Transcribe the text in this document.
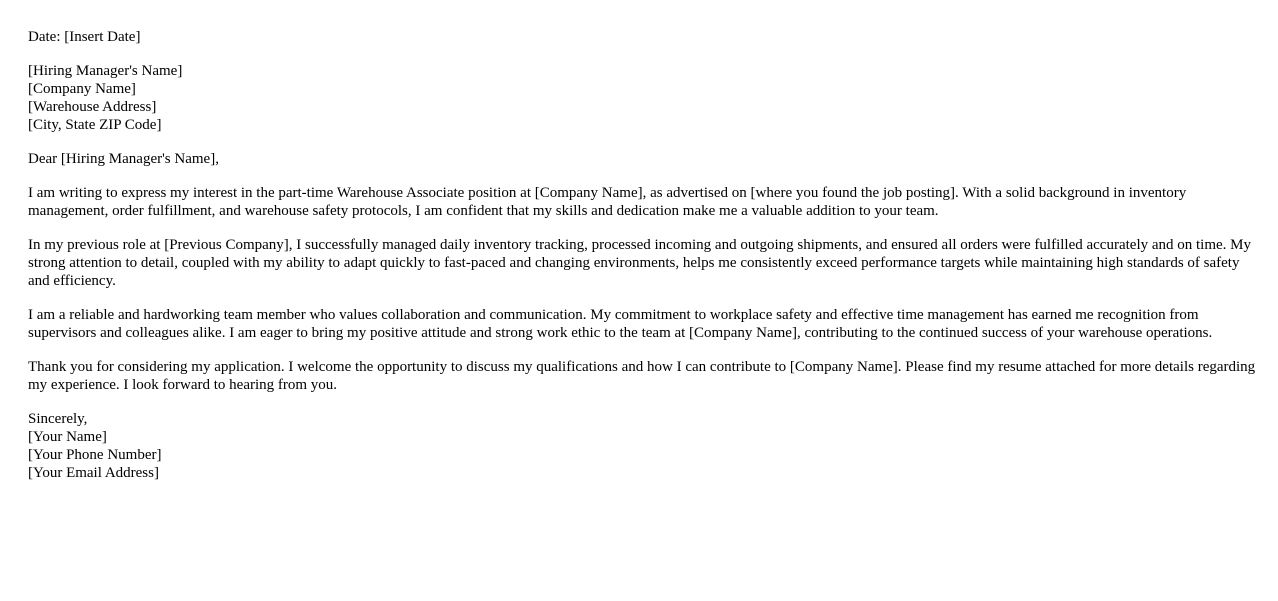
Date: [Insert Date]
[Hiring Manager's Name]
[Company Name]
[Warehouse Address]
[City, State ZIP Code]
Dear [Hiring Manager's Name],

I am writing to express my interest in the part-time Warehouse Associate position at [Company Name], as advertised on [where you found the job posting]. With a solid background in inventory management, order fulfillment, and warehouse safety protocols, I am confident that my skills and dedication make me a valuable addition to your team.

In my previous role at [Previous Company], I successfully managed daily inventory tracking, processed incoming and outgoing shipments, and ensured all orders were fulfilled accurately and on time. My strong attention to detail, coupled with my ability to adapt quickly to fast-paced and changing environments, helps me consistently exceed performance targets while maintaining high standards of safety and efficiency.

I am a reliable and hardworking team member who values collaboration and communication. My commitment to workplace safety and effective time management has earned me recognition from supervisors and colleagues alike. I am eager to bring my positive attitude and strong work ethic to the team at [Company Name], contributing to the continued success of your warehouse operations.

Thank you for considering my application. I welcome the opportunity to discuss my qualifications and how I can contribute to [Company Name]. Please find my resume attached for more details regarding my experience. I look forward to hearing from you.

Sincerely,
[Your Name]
[Your Phone Number]
[Your Email Address]
